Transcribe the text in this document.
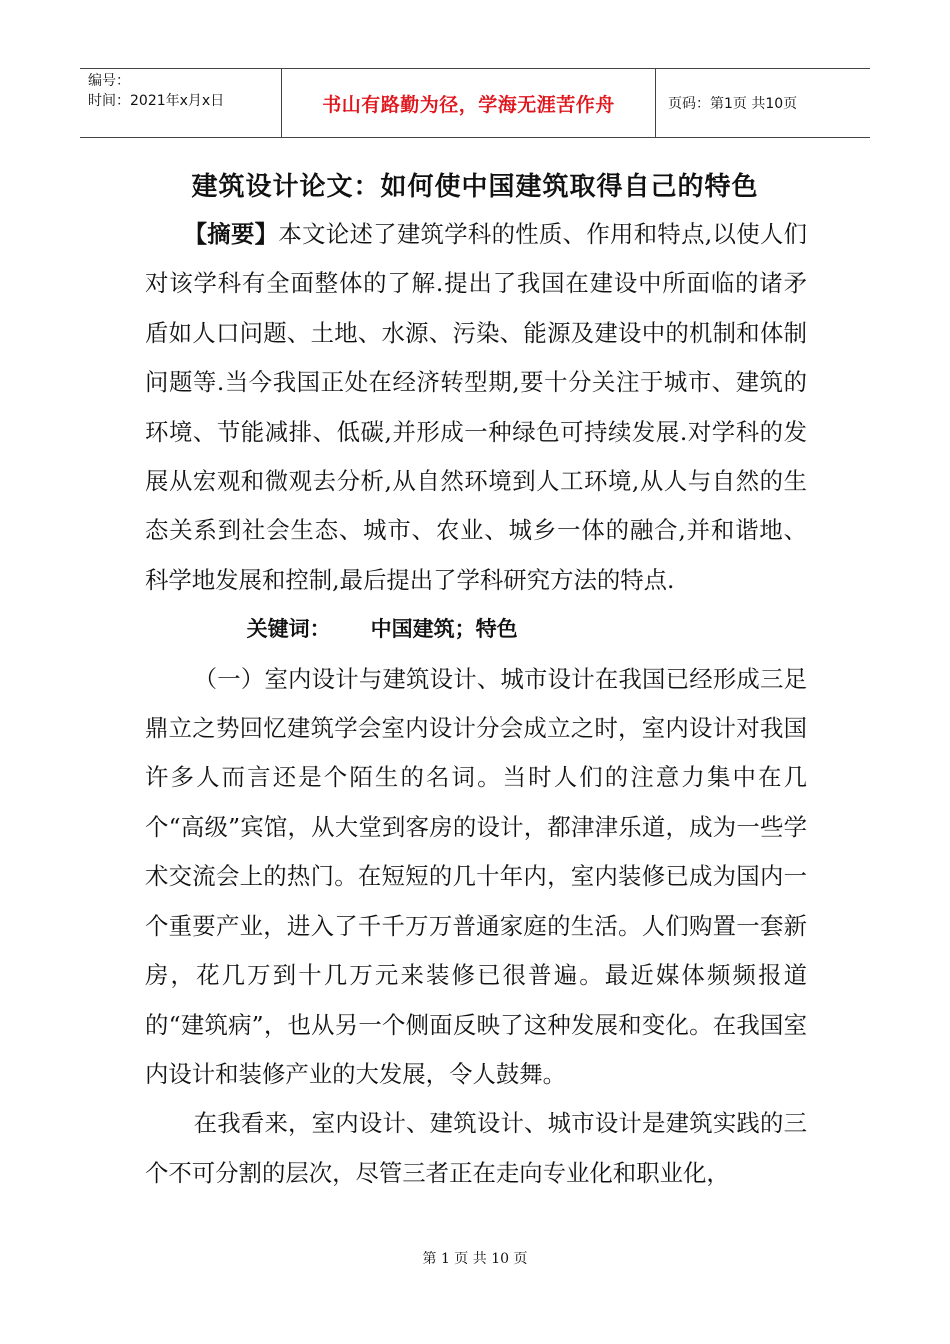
编号：
时间：2021年x月x日	书山有路勤为径，学海无涯苦作舟	页码：第1页 共10页
建筑设计论文：如何使中国建筑取得自己的特色

【摘要】本文论述了建筑学科的性质、作用和特点,以使人们对该学科有全面整体的了解.提出了我国在建设中所面临的诸矛盾如人口问题、土地、水源、污染、能源及建设中的机制和体制问题等.当今我国正处在经济转型期,要十分关注于城市、建筑的环境、节能减排、低碳,并形成一种绿色可持续发展.对学科的发展从宏观和微观去分析,从自然环境到人工环境,从人与自然的生态关系到社会生态、城市、农业、城乡一体的融合,并和谐地、科学地发展和控制,最后提出了学科研究方法的特点.

关键词： 中国建筑；特色

（一）室内设计与建筑设计、城市设计在我国已经形成三足鼎立之势回忆建筑学会室内设计分会成立之时，室内设计对我国许多人而言还是个陌生的名词。当时人们的注意力集中在几个“高级”宾馆，从大堂到客房的设计，都津津乐道，成为一些学术交流会上的热门。在短短的几十年内，室内装修已成为国内一个重要产业，进入了千千万万普通家庭的生活。人们购置一套新房，花几万到十几万元来装修已很普遍。最近媒体频频报道的“建筑病”，也从另一个侧面反映了这种发展和变化。在我国室内设计和装修产业的大发展，令人鼓舞。

在我看来，室内设计、建筑设计、城市设计是建筑实践的三个不可分割的层次，尽管三者正在走向专业化和职业化，

第 1 页 共 10 页
